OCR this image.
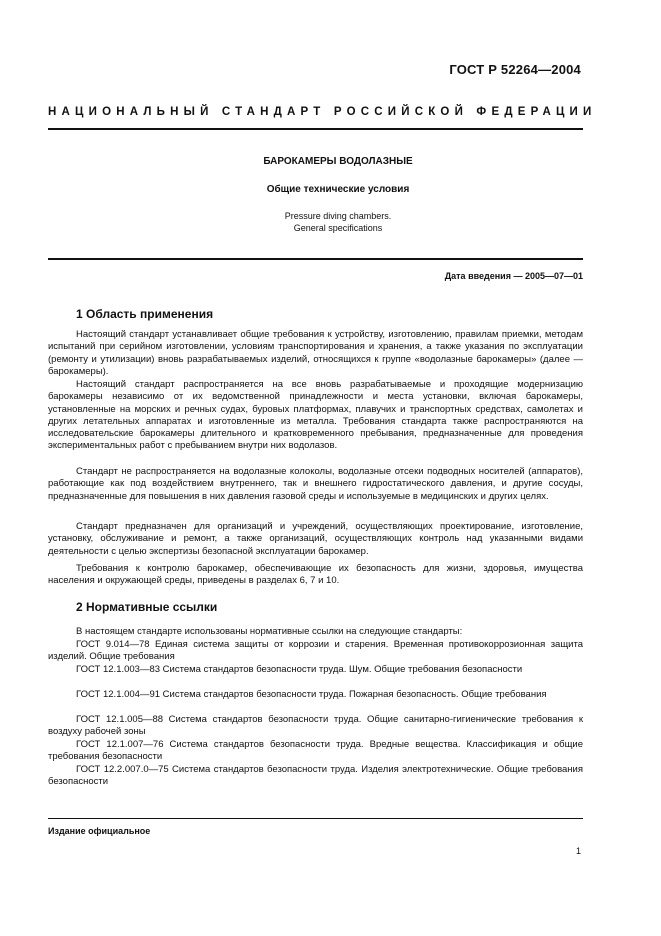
ГОСТ Р 52264—2004
НАЦИОНАЛЬНЫЙ СТАНДАРТ РОССИЙСКОЙ ФЕДЕРАЦИИ
БАРОКАМЕРЫ ВОДОЛАЗНЫЕ
Общие технические условия
Pressure diving chambers.
General specifications
Дата введения — 2005—07—01
1 Область применения
Настоящий стандарт устанавливает общие требования к устройству, изготовлению, правилам приемки, методам испытаний при серийном изготовлении, условиям транспортирования и хранения, а также указания по эксплуатации (ремонту и утилизации) вновь разрабатываемых изделий, относящихся к группе «водолазные барокамеры» (далее — барокамеры).
Настоящий стандарт распространяется на все вновь разрабатываемые и проходящие модернизацию барокамеры независимо от их ведомственной принадлежности и места установки, включая барокамеры, установленные на морских и речных судах, буровых платформах, плавучих и транспортных средствах, самолетах и других летательных аппаратах и изготовленные из металла. Требования стандарта также распространяются на исследовательские барокамеры длительного и кратковременного пребывания, предназначенные для проведения экспериментальных работ с пребыванием внутри них водолазов.
Стандарт не распространяется на водолазные колоколы, водолазные отсеки подводных носителей (аппаратов), работающие как под воздействием внутреннего, так и внешнего гидростатического давления, и другие сосуды, предназначенные для повышения в них давления газовой среды и используемые в медицинских и других целях.
Стандарт предназначен для организаций и учреждений, осуществляющих проектирование, изготовление, установку, обслуживание и ремонт, а также организаций, осуществляющих контроль над указанными видами деятельности с целью экспертизы безопасной эксплуатации барокамер.
Требования к контролю барокамер, обеспечивающие их безопасность для жизни, здоровья, имущества населения и окружающей среды, приведены в разделах 6, 7 и 10.
2 Нормативные ссылки
В настоящем стандарте использованы нормативные ссылки на следующие стандарты:
ГОСТ 9.014—78 Единая система защиты от коррозии и старения. Временная противокоррозионная защита изделий. Общие требования
ГОСТ 12.1.003—83 Система стандартов безопасности труда. Шум. Общие требования безопасности
ГОСТ 12.1.004—91 Система стандартов безопасности труда. Пожарная безопасность. Общие требования
ГОСТ 12.1.005—88 Система стандартов безопасности труда. Общие санитарно-гигиенические требования к воздуху рабочей зоны
ГОСТ 12.1.007—76 Система стандартов безопасности труда. Вредные вещества. Классификация и общие требования безопасности
ГОСТ 12.2.007.0—75 Система стандартов безопасности труда. Изделия электротехнические. Общие требования безопасности
Издание официальное
1
